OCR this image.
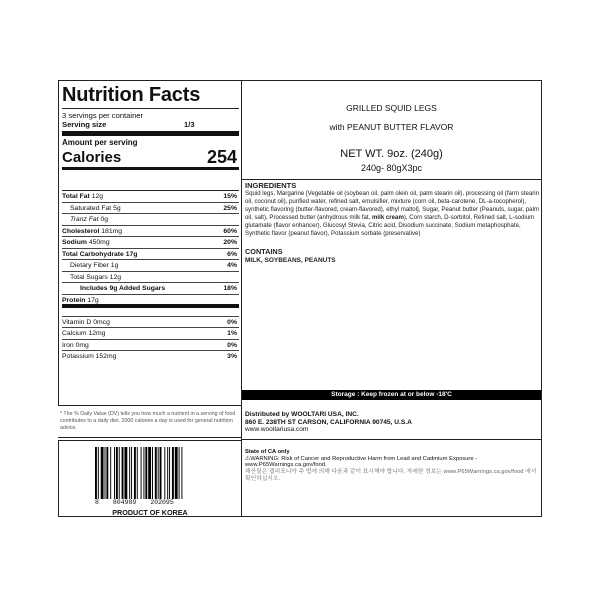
Nutrition Facts
3 servings per container
Serving size	1/3
Amount per serving
Calories	254
Total Fat 12g	15%
Saturated Fat 5g	25%
Tranz Fat 0g
Cholesterol 181mg	60%
Sodium 450mg	20%
Total Carbohydrate 17g	6%
Dietary Fiber 1g	4%
Total Sugars 12g
Includes 9g Added Sugars	18%
Protein 17g
Vitamin D 0mcg	0%
Calcium 12mg	1%
Iron 0mg	0%
Potassium 152mg	3%
* The % Daily Value (DV) tells you how much a nutrient in a serving of food contributes to a daily diet. 2000 calories a day is used for general nutrition advice.
8 804989 202095
PRODUCT OF KOREA
GRILLED SQUID LEGS
with PEANUT BUTTER FLAVOR
NET WT. 9oz. (240g)
240g- 80gX3pc
INGREDIENTS
Squid legs, Margarine [Vegetable oil (soybean oil, palm olein oil, palm stearin oil), processing oil (farm stearin oil, coconut oil), purified water, refined salt, emulsifier, mixture (corn oil, beta-carotene, DL-a-tocopherol), synthetic flavoring (butter-flavored, cream-flavored), ethyl maltol], Sugar, Peanut butter (Peanuts, sugar, palm oil, salt), Processed butter (anhydrous milk fat, milk cream), Corn starch, D-sorbitol, Refined salt, L-sodium glutamate (flavor enhancer), Glucosyl Stevia, Citric acid, Disodium succinate, Sodium metaphosphate, Synthetic flavor (peanut flavor), Potassium sorbate (preservative)
CONTAINS
MILK, SOYBEANS, PEANUTS
Storage : Keep frozen at or below -18'C
Distributed by WOOLTARI USA, INC.
860 E. 238TH ST CARSON, CALIFORNIA 90745, U.S.A
www.wooltariusa.com
State of CA only
⚠WARNING: Risk of Cancer and Reproductive Harm from Lead and Cadmium Exposure - www.P65Warnings.ca.gov/food.
해산물은 캡리포니아 주 법에 의해 다음과 같이 표시해야 합니다. 자세한 정보는 www.P65Warnings.ca.gov/food 에서 확인하십시오.
